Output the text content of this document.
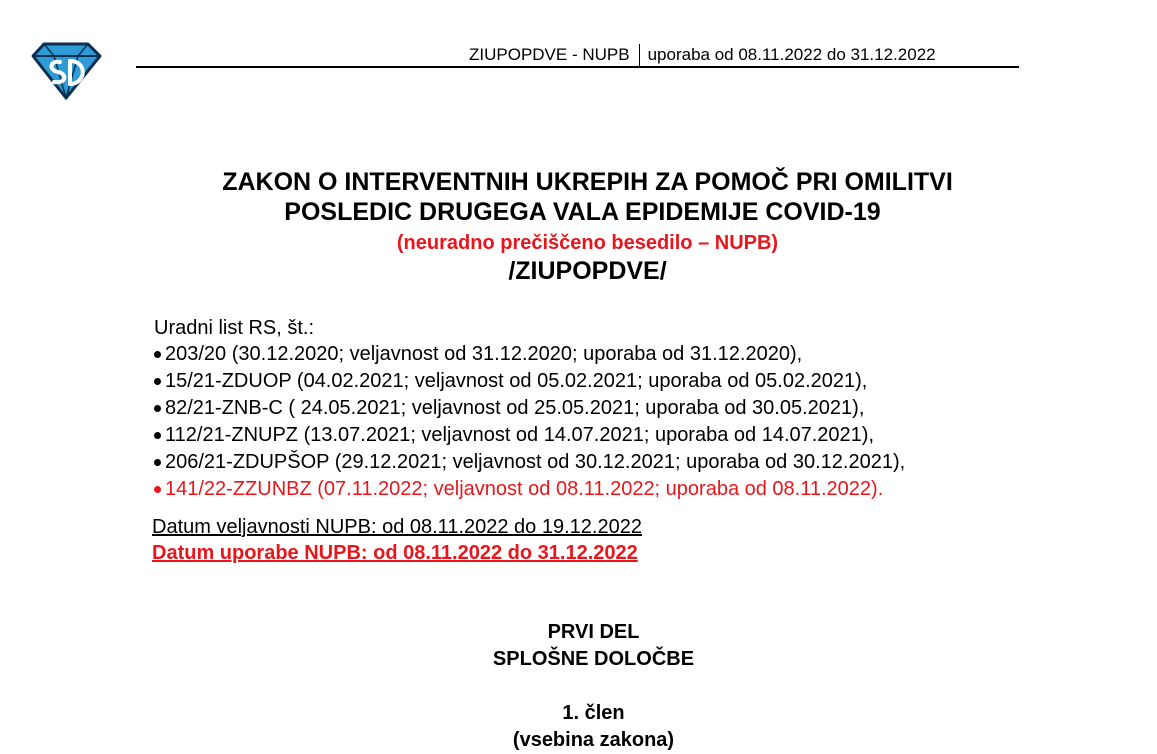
ZIUPOPDVE - NUPB uporaba od 08.11.2022 do 31.12.2022
ZAKON O INTERVENTNIH UKREPIH ZA POMOČ PRI OMILITVI
POSLEDIC DRUGEGA VALA EPIDEMIJE COVID-19
(neuradno prečiščeno besedilo – NUPB)
/ZIUPOPDVE/
Uradni list RS, št.:
203/20 (30.12.2020; veljavnost od 31.12.2020; uporaba od 31.12.2020),
15/21-ZDUOP (04.02.2021; veljavnost od 05.02.2021; uporaba od 05.02.2021),
82/21-ZNB-C ( 24.05.2021; veljavnost od 25.05.2021; uporaba od 30.05.2021),
112/21-ZNUPZ (13.07.2021; veljavnost od 14.07.2021; uporaba od 14.07.2021),
206/21-ZDUPŠOP (29.12.2021; veljavnost od 30.12.2021; uporaba od 30.12.2021),
141/22-ZZUNBZ (07.11.2022; veljavnost od 08.11.2022; uporaba od 08.11.2022).
Datum veljavnosti NUPB: od 08.11.2022 do 19.12.2022
Datum uporabe NUPB: od 08.11.2022 do 31.12.2022
PRVI DEL
SPLOŠNE DOLOČBE
1. člen
(vsebina zakona)
